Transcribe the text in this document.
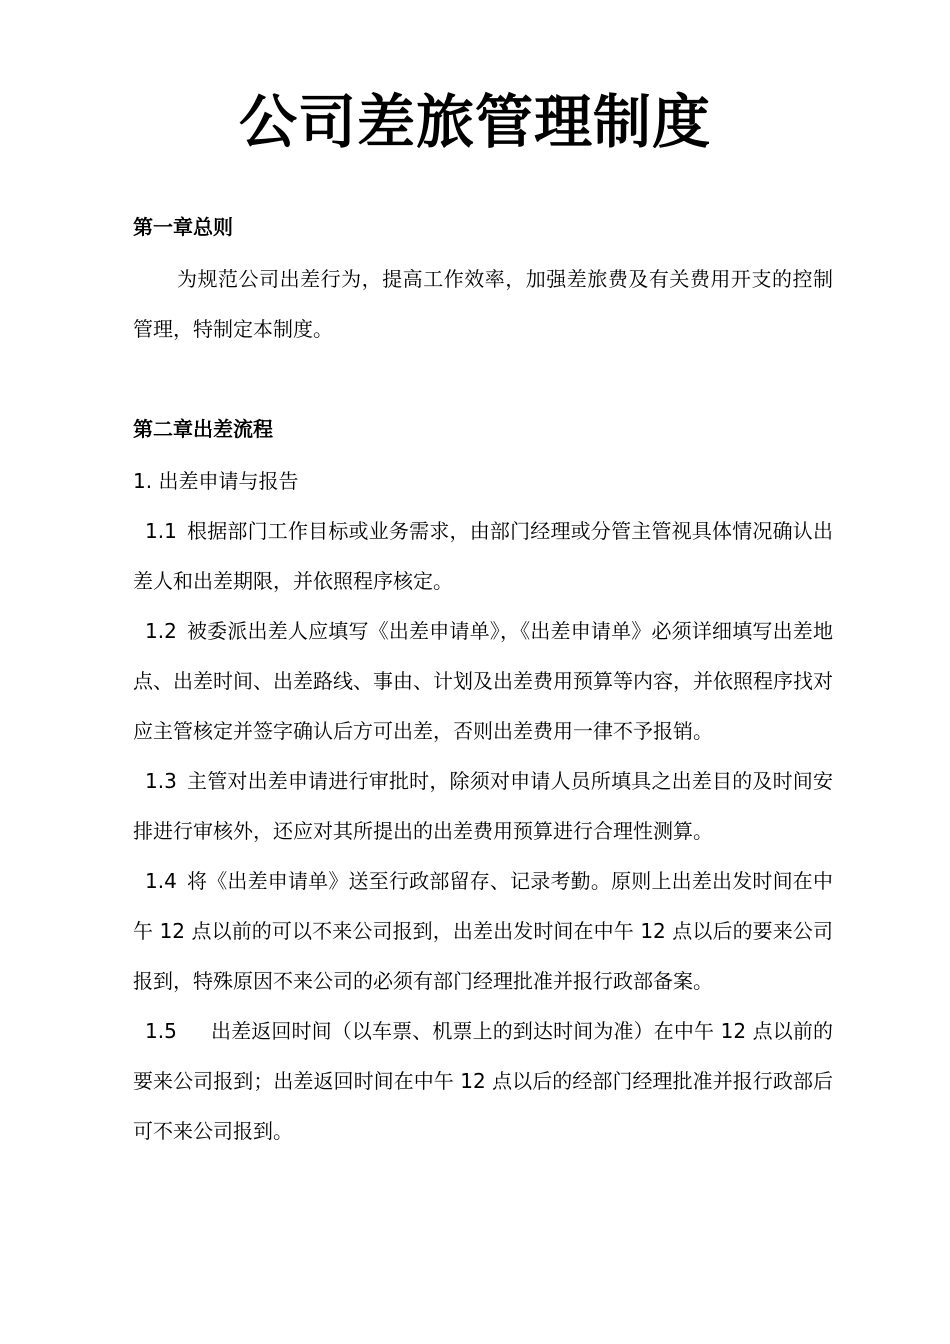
公司差旅管理制度
第一章总则

为规范公司出差行为，提高工作效率，加强差旅费及有关费用开支的控制管理，特制定本制度。

第二章出差流程

1. 出差申请与报告

1.1 根据部门工作目标或业务需求，由部门经理或分管主管视具体情况确认出差人和出差期限，并依照程序核定。

1.2 被委派出差人应填写《出差申请单》，《出差申请单》必须详细填写出差地点、出差时间、出差路线、事由、计划及出差费用预算等内容，并依照程序找对应主管核定并签字确认后方可出差，否则出差费用一律不予报销。

1.3 主管对出差申请进行审批时，除须对申请人员所填具之出差目的及时间安排进行审核外，还应对其所提出的出差费用预算进行合理性测算。

1.4 将《出差申请单》送至行政部留存、记录考勤。原则上出差出发时间在中午 12 点以前的可以不来公司报到，出差出发时间在中午 12 点以后的要来公司报到，特殊原因不来公司的必须有部门经理批准并报行政部备案。

1.5 出差返回时间（以车票、机票上的到达时间为准）在中午 12 点以前的要来公司报到；出差返回时间在中午 12 点以后的经部门经理批准并报行政部后可不来公司报到。
